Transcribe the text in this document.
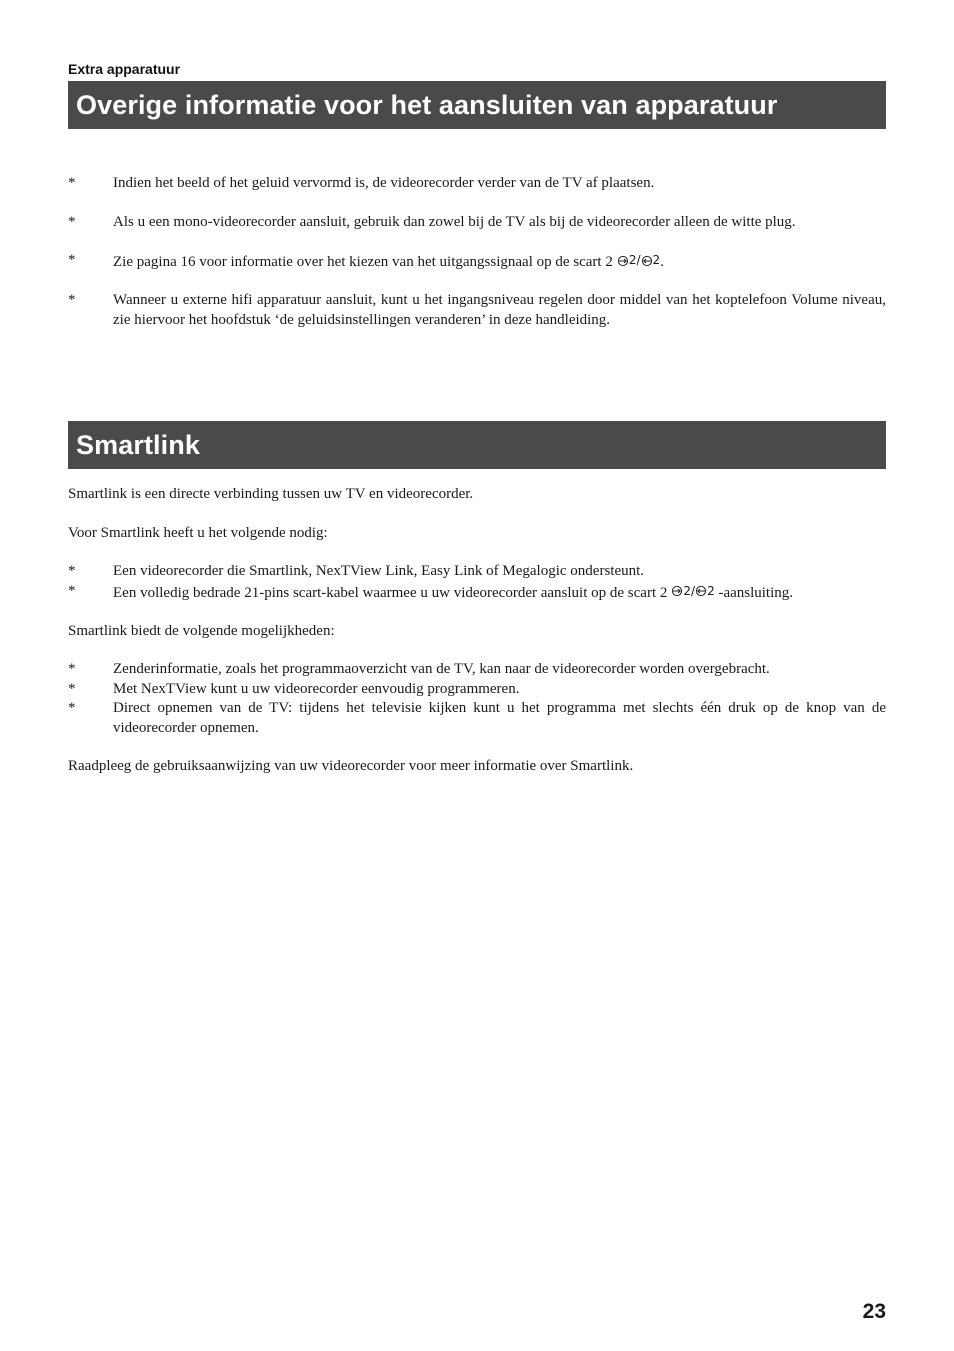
Extra apparatuur
Overige informatie voor het aansluiten van apparatuur
*	Indien het beeld of het geluid vervormd is, de videorecorder verder van de TV af plaatsen.
*	Als u een mono-videorecorder aansluit, gebruik dan zowel bij de TV als bij de videorecorder alleen de witte plug.
*	Zie pagina 16 voor informatie over het kiezen van het uitgangssignaal op de scart 2 2 / 2 .
*	Wanneer u externe hifi apparatuur aansluit, kunt u het ingangsniveau regelen door middel van het koptelefoon Volume niveau, zie hiervoor het hoofdstuk ‘de geluidsinstellingen veranderen’ in deze handleiding.
Smartlink
Smartlink is een directe verbinding tussen uw TV en videorecorder.
Voor Smartlink heeft u het volgende nodig:
*	Een videorecorder die Smartlink, NexTView Link, Easy Link of Megalogic ondersteunt.
*	Een volledig bedrade 21-pins scart-kabel waarmee u uw videorecorder aansluit op de scart 2 2 / 2 -aansluiting.
Smartlink biedt de volgende mogelijkheden:
*	Zenderinformatie, zoals het programmaoverzicht van de TV, kan naar de videorecorder worden overgebracht.
*	Met NexTView kunt u uw videorecorder eenvoudig programmeren.
*	Direct opnemen van de TV: tijdens het televisie kijken kunt u het programma met slechts één druk op de knop van de videorecorder opnemen.
Raadpleeg de gebruiksaanwijzing van uw videorecorder voor meer informatie over Smartlink.
23
